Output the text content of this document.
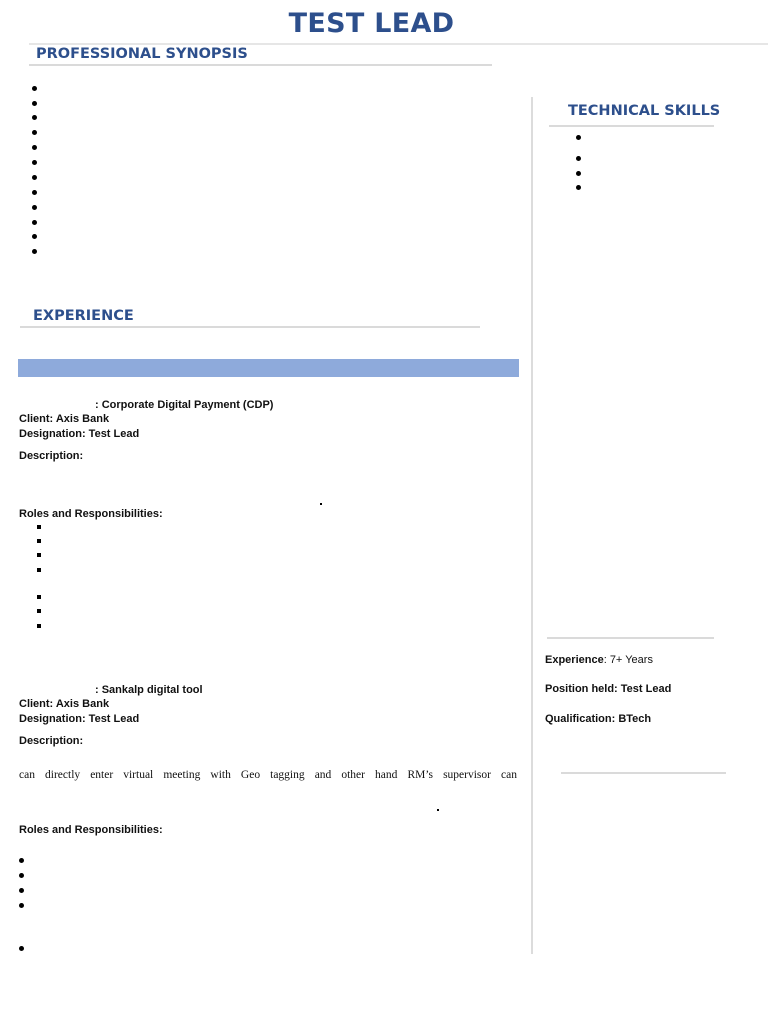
TEST LEAD
PROFESSIONAL SYNOPSIS
TECHNICAL SKILLS
EXPERIENCE
: Corporate Digital Payment (CDP)
Client: Axis Bank
Designation: Test Lead
Description:
Roles and Responsibilities:
: Sankalp digital tool
Client: Axis Bank
Designation: Test Lead
Description:
can directly enter virtual meeting with Geo tagging and other hand RM’s supervisor can
Roles and Responsibilities:
Experience: 7+ Years
Position held: Test Lead
Qualification: BTech
